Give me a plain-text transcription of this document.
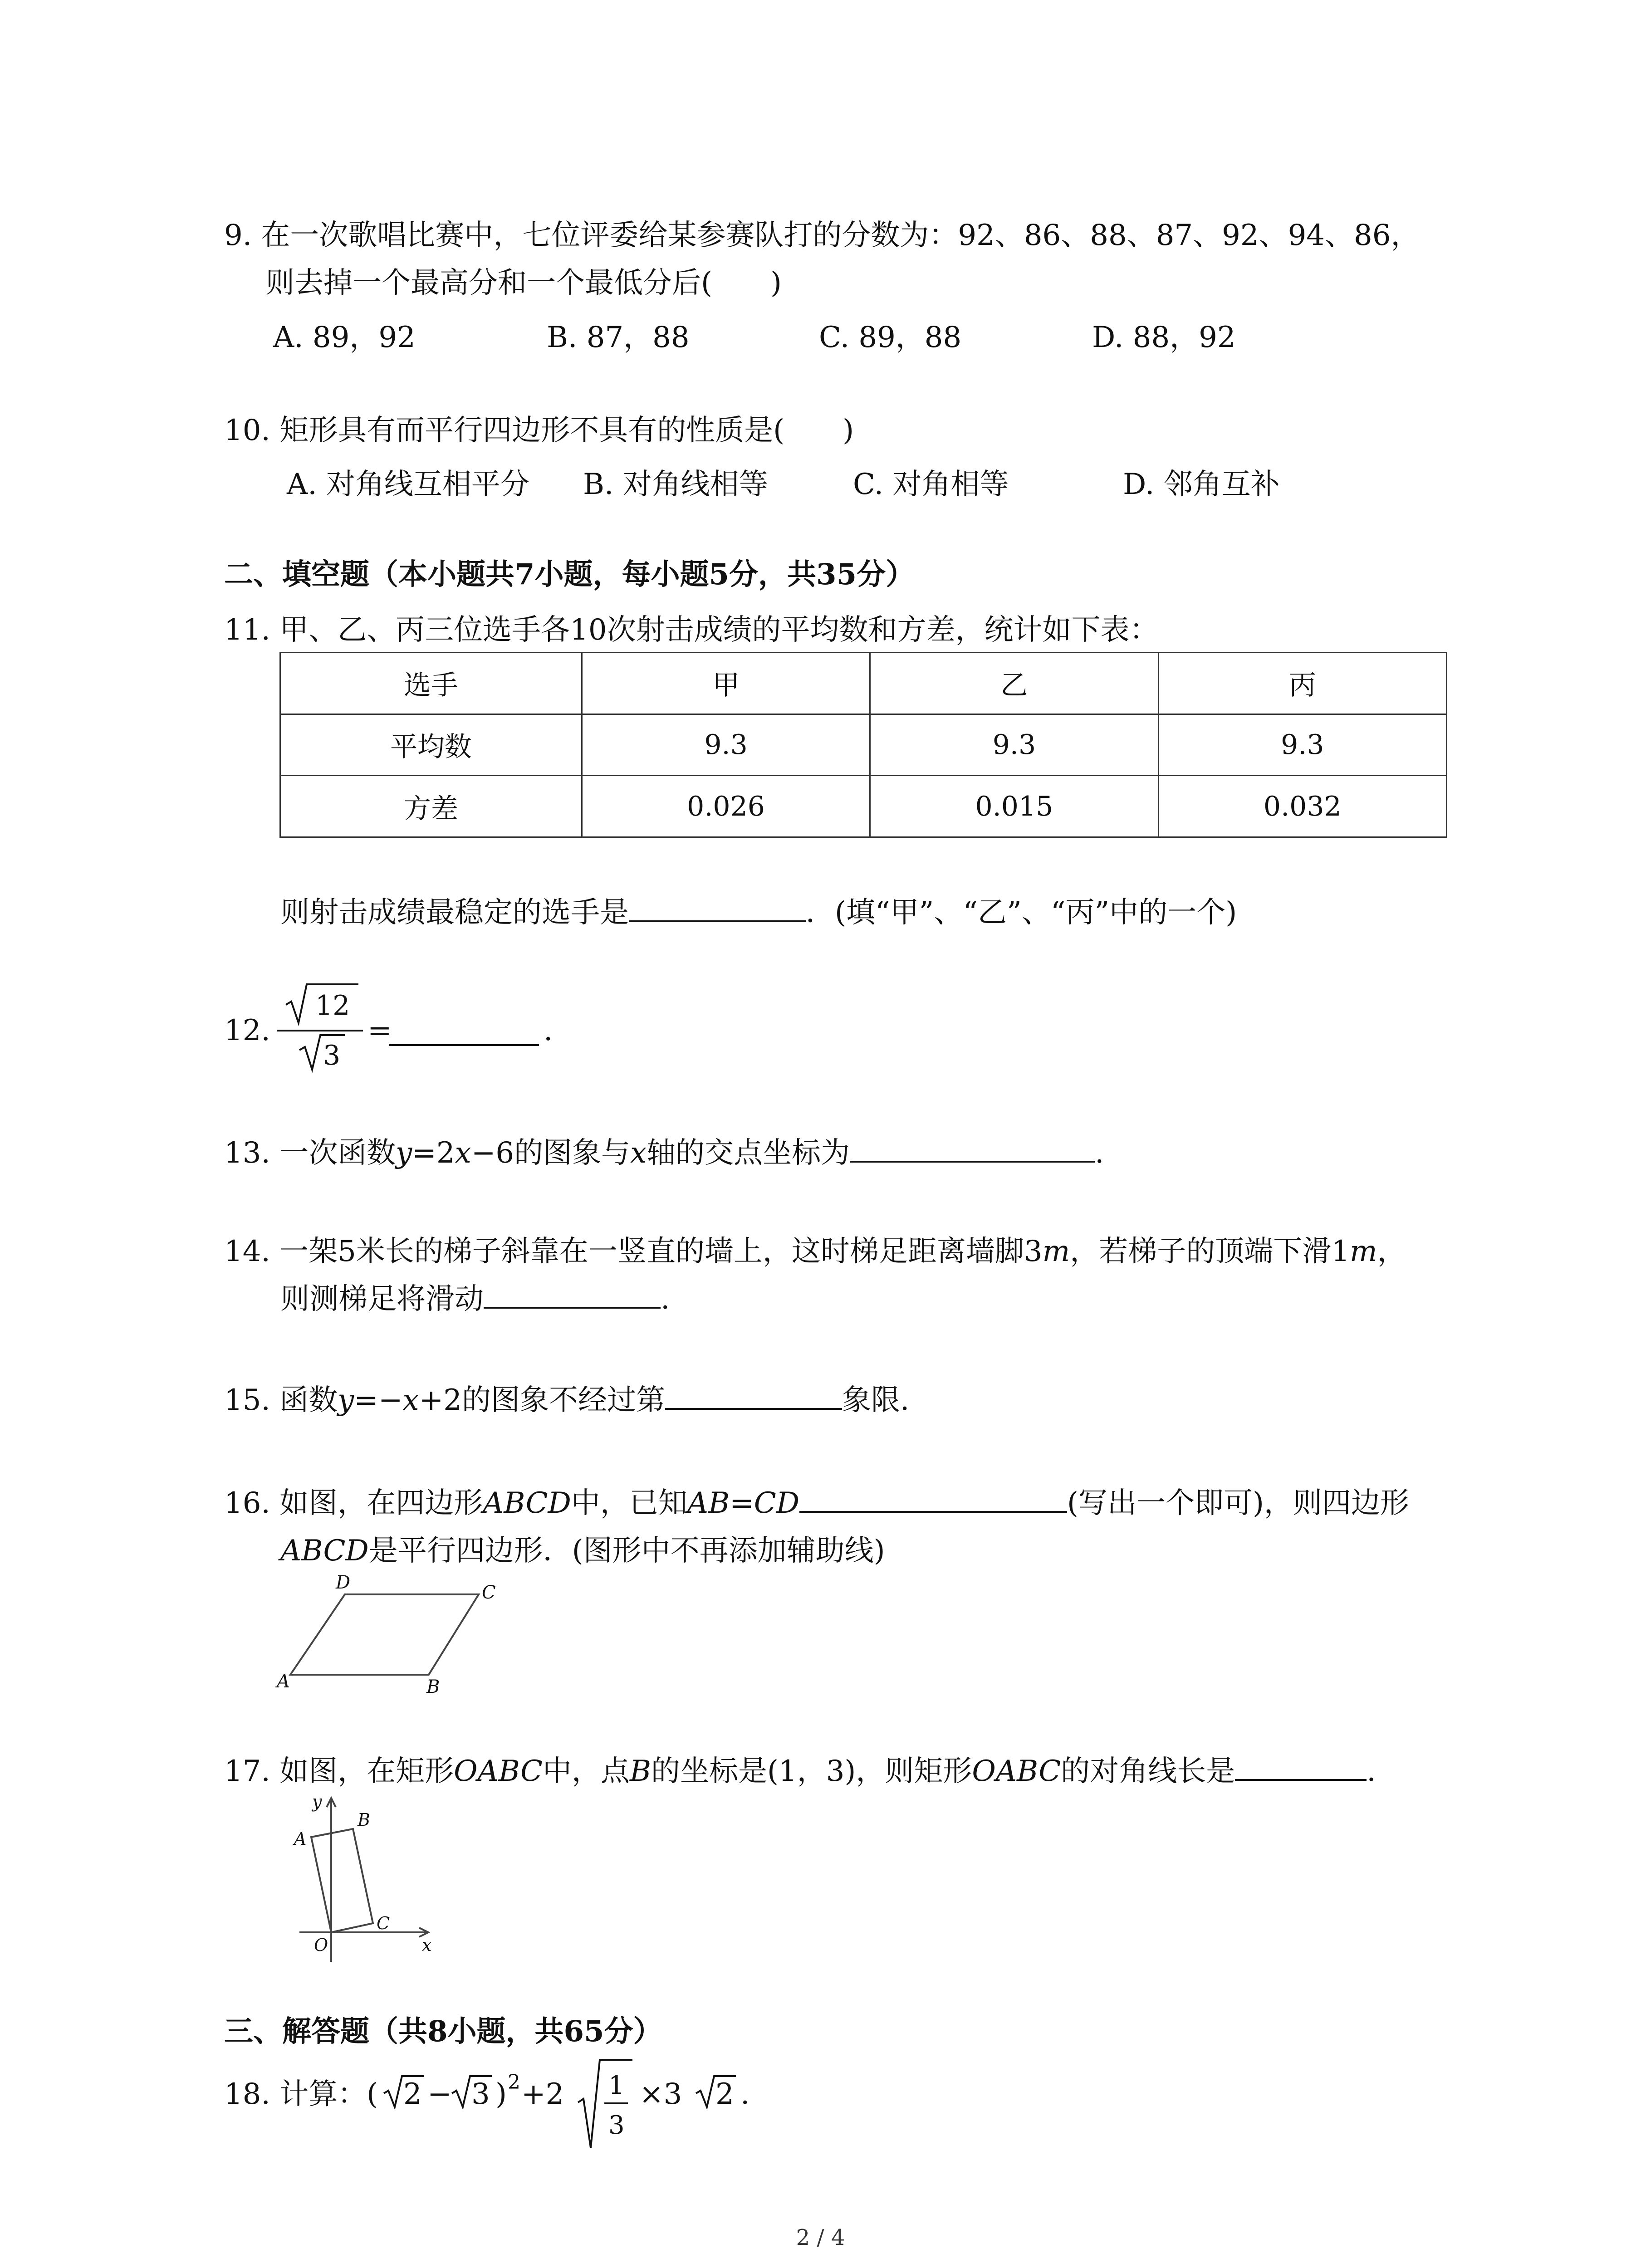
9. 在一次歌唱比赛中，七位评委给某参赛队打的分数为：92、86、88、87、92、94、86，
则去掉一个最高分和一个最低分后(　　)
A. 89，92	B. 87，88	C. 89，88	D. 88，92
10. 矩形具有而平行四边形不具有的性质是(　　)
A. 对角线互相平分 B. 对角线相等	C. 对角相等	D. 邻角互补
二、填空题（本小题共7小题，每小题5分，共35分）
11. 甲、乙、丙三位选手各10次射击成绩的平均数和方差，统计如下表：
选手	甲	乙	丙
平均数	9.3	9.3	9.3
方差	0.026	0.015	0.032
则射击成绩最稳定的选手是	．(填“甲”、“乙”、“丙”中的一个)
12.
12
3
=	.
13. 一次函数y=2x−6的图象与x轴的交点坐标为	.
14. 一架5米长的梯子斜靠在一竖直的墙上，这时梯足距离墙脚3m，若梯子的顶端下滑1m，
则测梯足将滑动	.
15. 函数y=−x+2的图象不经过第	象限.
16. 如图，在四边形ABCD中，已知AB=CD	(写出一个即可)，则四边形
ABCD是平行四边形．(图形中不再添加辅助线)
D	C
A	B
17. 如图，在矩形OABC中，点B的坐标是(1，3)，则矩形OABC的对角线长是	.
y
B
A
C
O	x
三、解答题（共8小题，共65分）
18. 计算：( 2 − 3 ) 2 +2 1
3
×3 2 .
2 / 4
